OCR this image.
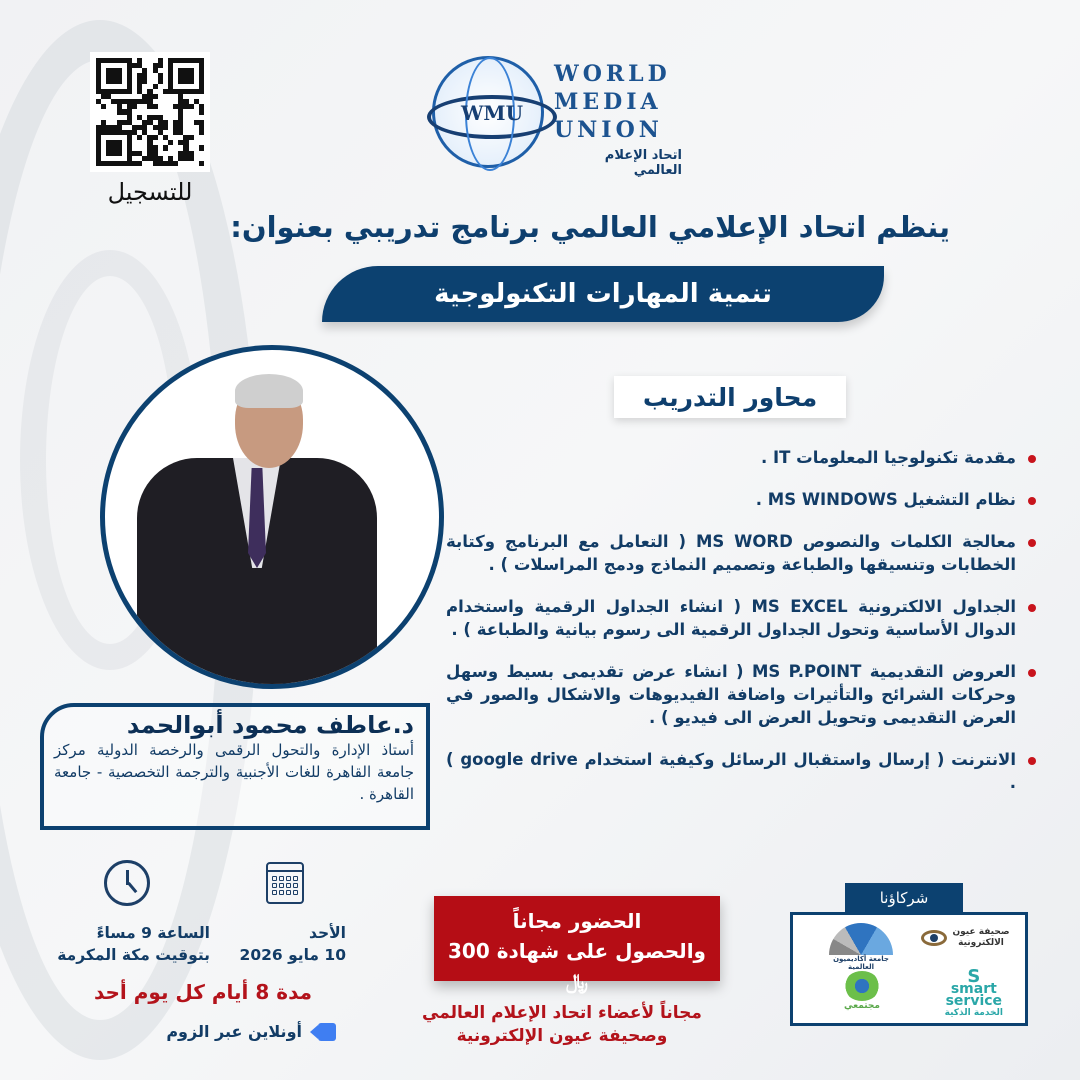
للتسجيل
WMU
WORLD
MEDIA
UNION
اتحاد الإعلام العالمي
ينظم اتحاد الإعلامي العالمي برنامج تدريبي بعنوان:
تنمية المهارات التكنولوجية
د.عاطف محمود أبوالحمد
أستاذ الإدارة والتحول الرقمى والرخصة الدولية مركز جامعة القاهرة للغات الأجنبية والترجمة التخصصية - جامعة القاهرة .
محاور التدريب
مقدمة تكنولوجيا المعلومات IT .
نظام التشغيل MS WINDOWS .
معالجة الكلمات والنصوص MS WORD ( التعامل مع البرنامج وكتابة الخطابات وتنسيقها والطباعة وتصميم النماذج ودمج المراسلات ) .
الجداول الالكترونية MS EXCEL ( انشاء الجداول الرقمية واستخدام الدوال الأساسية وتحول الجداول الرقمية الى رسوم بيانية والطباعة ) .
العروض التقديمية MS P.POINT ( انشاء عرض تقديمى بسيط وسهل وحركات الشرائح والتأثيرات واضافة الفيديوهات والاشكال والصور في العرض التقديمى وتحويل العرض الى فيديو ) .
الانترنت ( إرسال واستقبال الرسائل وكيفية استخدام google drive ) .
الأحد
10 مايو 2026
الساعة 9 مساءً
بتوقيت مكة المكرمة
مدة 8 أيام كل يوم أحد
أونلاين عبر الزوم
الحضور مجاناً
والحصول على شهادة 300 ﷼
مجاناً لأعضاء اتحاد الإعلام العالمي
وصحيفة عيون الإلكترونية
شركاؤنا
صحيفة عيون الالكترونية
جامعة أكاديميون العالمية	S
smart
service
الخدمة الذكية
مجتمعي
